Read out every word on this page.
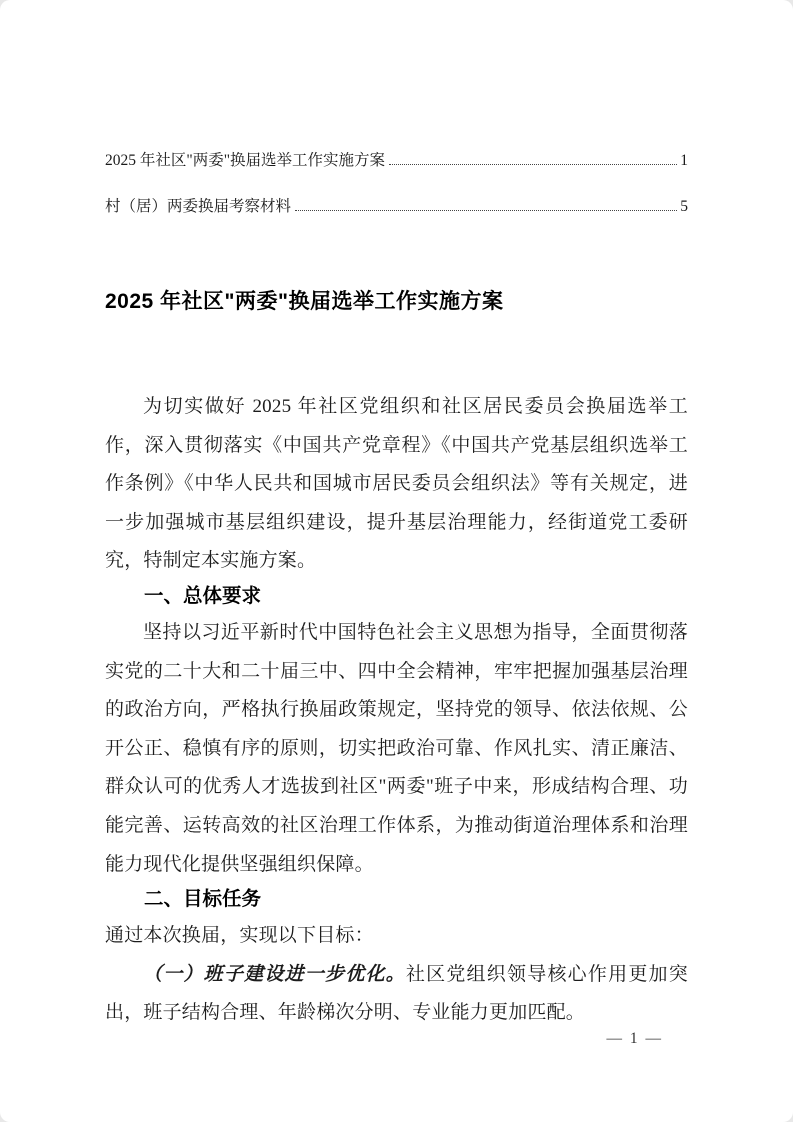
2025 年社区"两委"换届选举工作实施方案	1
村（居）两委换届考察材料	5
2025 年社区"两委"换届选举工作实施方案

为切实做好 2025 年社区党组织和社区居民委员会换届选举工作，深入贯彻落实《中国共产党章程》《中国共产党基层组织选举工作条例》《中华人民共和国城市居民委员会组织法》等有关规定，进一步加强城市基层组织建设，提升基层治理能力，经街道党工委研究，特制定本实施方案。

一、总体要求

坚持以习近平新时代中国特色社会主义思想为指导，全面贯彻落实党的二十大和二十届三中、四中全会精神，牢牢把握加强基层治理的政治方向，严格执行换届政策规定，坚持党的领导、依法依规、公开公正、稳慎有序的原则，切实把政治可靠、作风扎实、清正廉洁、群众认可的优秀人才选拔到社区"两委"班子中来，形成结构合理、功能完善、运转高效的社区治理工作体系，为推动街道治理体系和治理能力现代化提供坚强组织保障。

二、目标任务

通过本次换届，实现以下目标：

（一）班子建设进一步优化。社区党组织领导核心作用更加突出，班子结构合理、年龄梯次分明、专业能力更加匹配。

— 1 —
